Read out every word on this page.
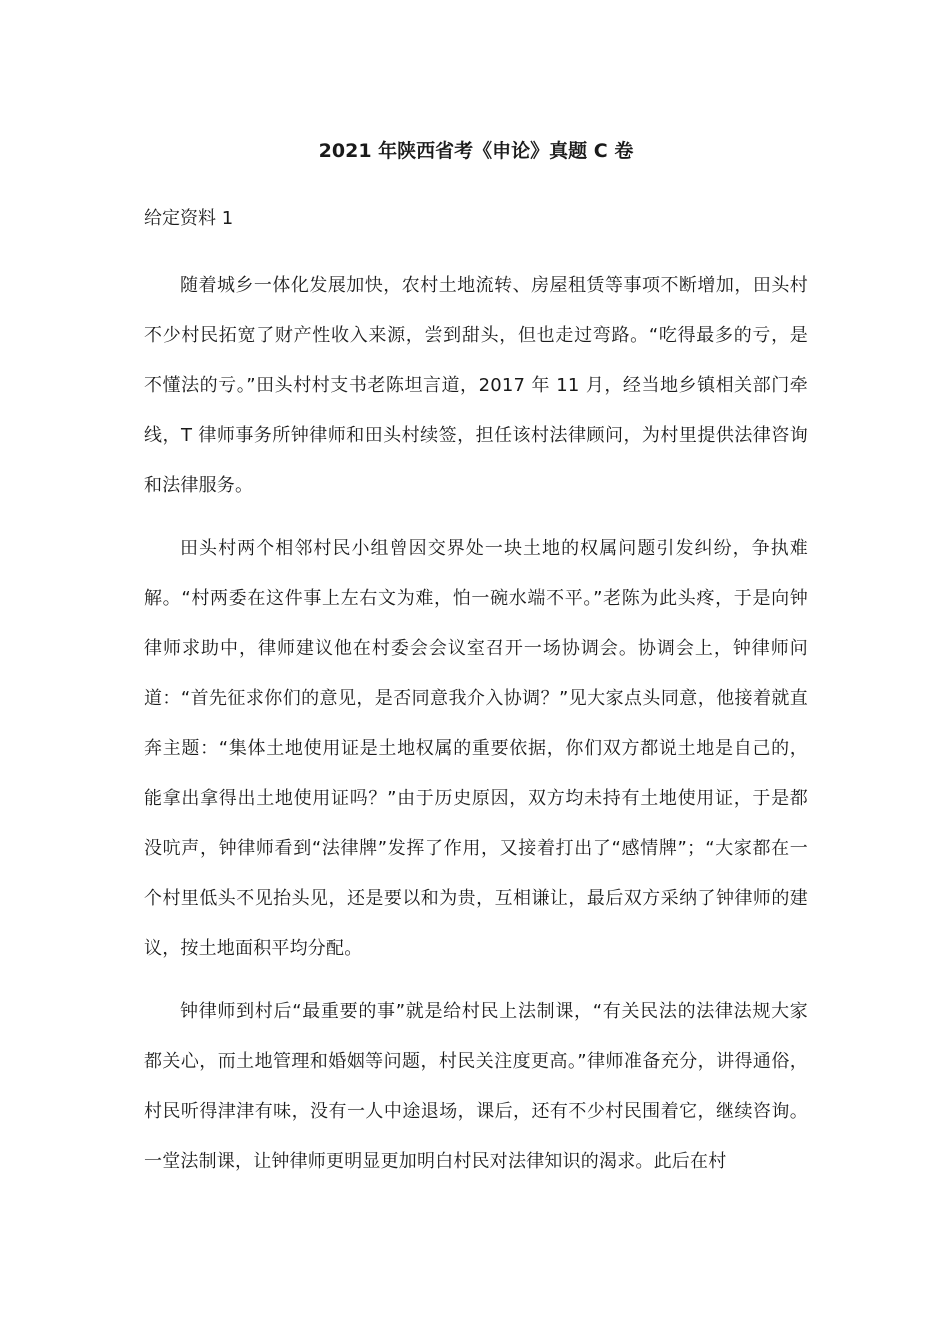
2021 年陕西省考《申论》真题 C 卷

给定资料 1

随着城乡一体化发展加快，农村土地流转、房屋租赁等事项不断增加，田头村不少村民拓宽了财产性收入来源，尝到甜头，但也走过弯路。“吃得最多的亏，是不懂法的亏。”田头村村支书老陈坦言道，2017 年 11 月，经当地乡镇相关部门牵线，T 律师事务所钟律师和田头村续签，担任该村法律顾问，为村里提供法律咨询和法律服务。

田头村两个相邻村民小组曾因交界处一块土地的权属问题引发纠纷，争执难解。“村两委在这件事上左右文为难，怕一碗水端不平。”老陈为此头疼，于是向钟律师求助中，律师建议他在村委会会议室召开一场协调会。协调会上，钟律师问道：“首先征求你们的意见，是否同意我介入协调？”见大家点头同意，他接着就直奔主题：“集体土地使用证是土地权属的重要依据，你们双方都说土地是自己的，能拿出拿得出土地使用证吗？”由于历史原因，双方均未持有土地使用证，于是都没吭声，钟律师看到“法律牌”发挥了作用，又接着打出了“感情牌”；“大家都在一个村里低头不见抬头见，还是要以和为贵，互相谦让，最后双方采纳了钟律师的建议，按土地面积平均分配。

钟律师到村后“最重要的事”就是给村民上法制课，“有关民法的法律法规大家都关心，而土地管理和婚姻等问题，村民关注度更高。”律师准备充分，讲得通俗，村民听得津津有味，没有一人中途退场，课后，还有不少村民围着它，继续咨询。一堂法制课，让钟律师更明显更加明白村民对法律知识的渴求。此后在村
